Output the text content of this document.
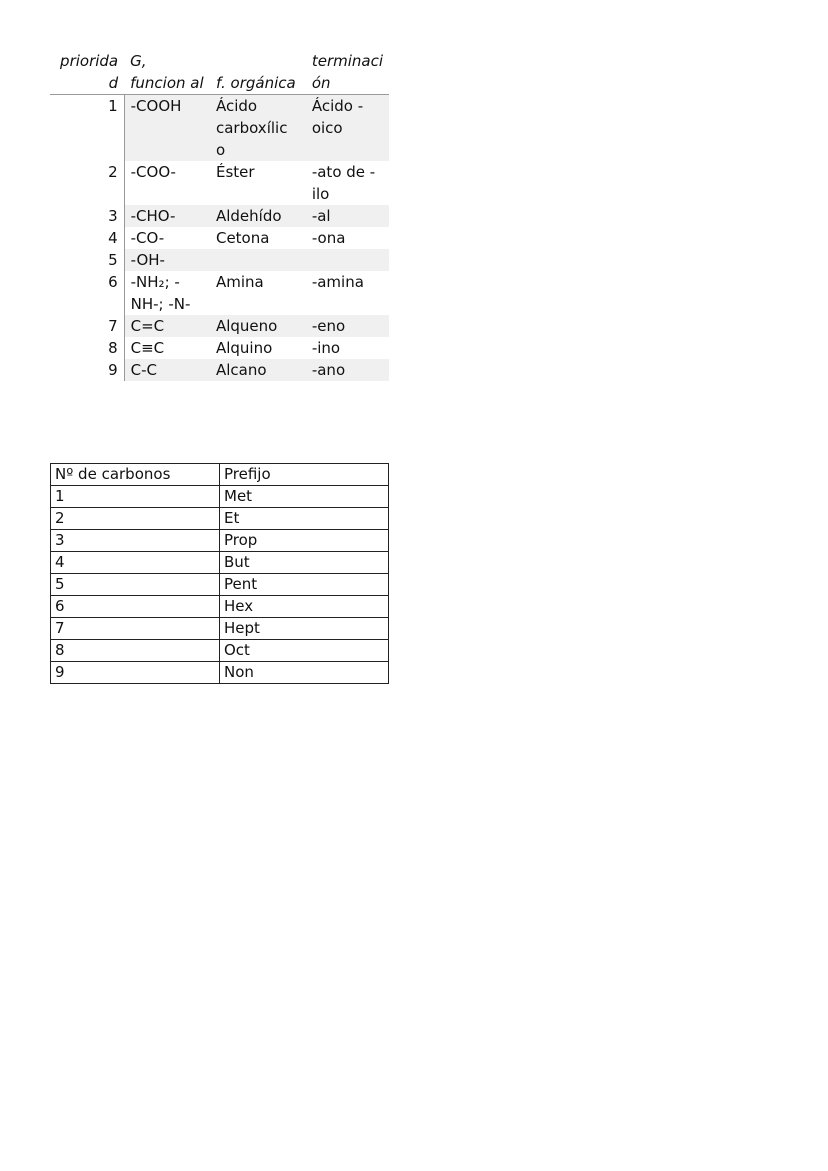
priorida d	G, funcion al	f. orgánica	terminaci ón
1	-COOH	Ácido carboxílic o	Ácido -oico
2	-COO-	Éster	-ato de -ilo
3	-CHO-	Aldehído	-al
4	-CO-	Cetona	-ona
5	-OH-		
6	-NH₂; -NH-; -N-	Amina	-amina
7	C=C	Alqueno	-eno
8	C≡C	Alquino	-ino
9	C-C	Alcano	-ano
Nº de carbonos	Prefijo
1	Met
2	Et
3	Prop
4	But
5	Pent
6	Hex
7	Hept
8	Oct
9	Non
